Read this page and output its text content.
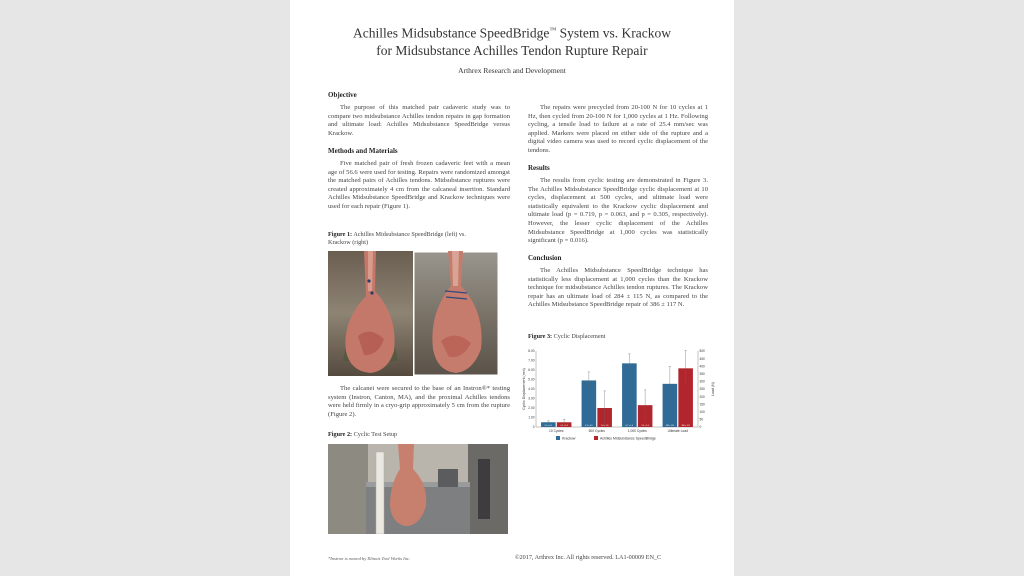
Achilles Midsubstance SpeedBridge™ System vs. Krackow
for Midsubstance Achilles Tendon Rupture Repair
Arthrex Research and Development
Objective

The purpose of this matched pair cadaveric study was to compare two midsubstance Achilles tendon repairs in gap formation and ultimate load: Achilles Midsubstance SpeedBridge versus Krackow.

Methods and Materials

Five matched pair of fresh frozen cadaveric feet with a mean age of 56.6 were used for testing. Repairs were randomized amongst the matched pairs of Achilles tendons. Midsubstance ruptures were created approximately 4 cm from the calcaneal insertion. Standard Achilles Midsubstance SpeedBridge and Krackow techniques were used for each repair (Figure 1).

Figure 1: Achilles Midsubstance SpeedBridge (left) vs. Krackow (right)

The calcanei were secured to the base of an Instron®* testing system (Instron, Canton, MA), and the proximal Achilles tendons were held firmly in a cryo-grip approximately 5 cm from the rupture (Figure 2).

Figure 2: Cyclic Test Setup

The repairs were precycled from 20-100 N for 10 cycles at 1 Hz, then cycled from 20-100 N for 1,000 cycles at 1 Hz. Following cycling, a tensile load to failure at a rate of 25.4 mm/sec was applied. Markers were placed on either side of the rupture and a digital video camera was used to record cyclic displacement of the tendons.

Results

The results from cyclic testing are demonstrated in Figure 3. The Achilles Midsubstance SpeedBridge cyclic displacement at 10 cycles, displacement at 500 cycles, and ultimate load were statistically equivalent to the Krackow cyclic displacement and ultimate load (p = 0.719, p = 0.063, and p = 0.305, respectively). However, the lesser cyclic displacement of the Achilles Midsubstance SpeedBridge at 1,000 cycles was statistically significant (p = 0.016).

Conclusion

The Achilles Midsubstance SpeedBridge technique has statistically less displacement at 1,000 cycles than the Krackow technique for midsubstance Achilles tendon ruptures. The Krackow repair has an ultimate load of 284 ± 115 N, as compared to the Achilles Midsubstance SpeedBridge repair of 386 ± 117 N.

Figure 3: Cyclic Displacement
0
1.00
2.00
3.00
4.00
5.00
6.00
7.00
8.00
0
50
100
150
200
250
300
350
400
450
500
Cyclic Displacement (mm)	Load (N)
0.5 ± 0.1	0.5 ± 0.3
10 Cycles
4.9 ± 0.9	2.0 ± 1.8
500 Cycles
6.7 ± 1.0	2.3 ± 1.6
1,000 Cycles
284 ± 115	386 ± 117
Ultimate Load
Krackow	Achilles Midsubstance SpeedBridge
*Instron is owned by Illinois Tool Works Inc.	©2017, Arthrex Inc. All rights reserved. LA1-00009 EN_C
